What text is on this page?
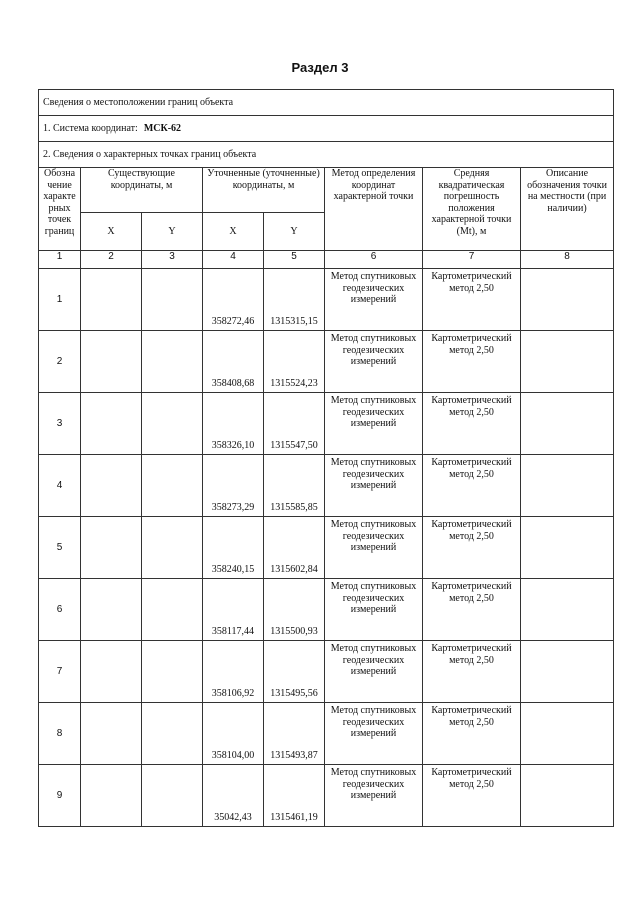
Раздел 3
Сведения о местоположении границ объекта							
1. Система координат: МСК-62							
2. Сведения о характерных точках границ объекта							
Обозна чение характе рных точек границ	Существующие координаты, м		Уточненные (уточненные) координаты, м		Метод определения координат характерной точки	Средняя квадратическая погрешность положения характерной точки (Mt), м	Описание обозначения точки на местности (при наличии)
	X	Y	X	Y			
1	2	3	4	5	6	7	8
1			358272,46	1315315,15	Метод спутниковых геодезических измерений	Картометрический метод 2,50	
2			358408,68	1315524,23	Метод спутниковых геодезических измерений	Картометрический метод 2,50	
3			358326,10	1315547,50	Метод спутниковых геодезических измерений	Картометрический метод 2,50	
4			358273,29	1315585,85	Метод спутниковых геодезических измерений	Картометрический метод 2,50	
5			358240,15	1315602,84	Метод спутниковых геодезических измерений	Картометрический метод 2,50	
6			358117,44	1315500,93	Метод спутниковых геодезических измерений	Картометрический метод 2,50	
7			358106,92	1315495,56	Метод спутниковых геодезических измерений	Картометрический метод 2,50	
8			358104,00	1315493,87	Метод спутниковых геодезических измерений	Картометрический метод 2,50	
9			35042,43	1315461,19	Метод спутниковых геодезических измерений	Картометрический метод 2,50	
